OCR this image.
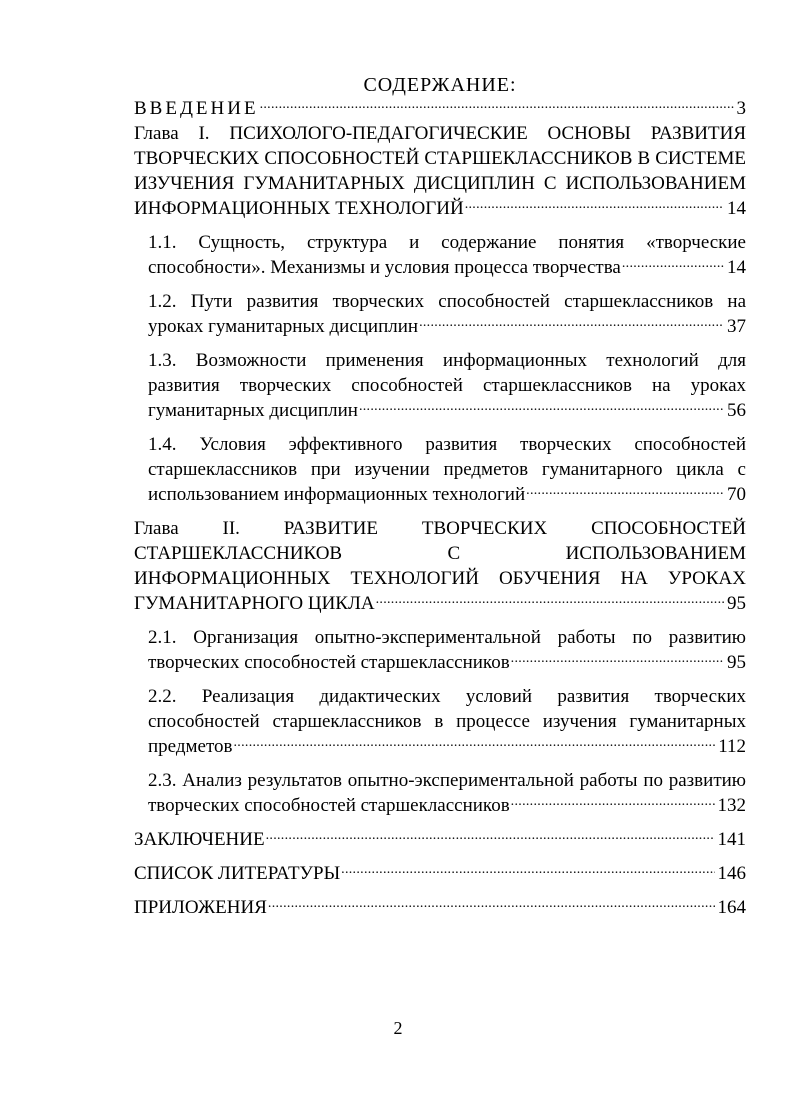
СОДЕРЖАНИЕ:
ВВЕДЕНИЕ .....	3
Глава I. ПСИХОЛОГО-ПЕДАГОГИЧЕСКИЕ ОСНОВЫ РАЗВИТИЯ
ТВОРЧЕСКИХ СПОСОБНОСТЕЙ СТАРШЕКЛАССНИКОВ В СИСТЕМЕ
ИЗУЧЕНИЯ ГУМАНИТАРНЫХ ДИСЦИПЛИН С ИСПОЛЬЗОВАНИЕМ
ИНФОРМАЦИОННЫХ ТЕХНОЛОГИЙ .....	14
1.1. Сущность, структура и содержание понятия «творческие
способности». Механизмы и условия процесса творчества .....	14
1.2. Пути развития творческих способностей старшеклассников на
уроках гуманитарных дисциплин .....	37
1.3. Возможности применения информационных технологий для
развития творческих способностей старшеклассников на уроках
гуманитарных дисциплин .....	56
1.4. Условия эффективного развития творческих способностей
старшеклассников при изучении предметов гуманитарного цикла с
использованием информационных технологий .....	70
Глава II. РАЗВИТИЕ ТВОРЧЕСКИХ СПОСОБНОСТЕЙ
СТАРШЕКЛАССНИКОВ С ИСПОЛЬЗОВАНИЕМ
ИНФОРМАЦИОННЫХ ТЕХНОЛОГИЙ ОБУЧЕНИЯ НА УРОКАХ
ГУМАНИТАРНОГО ЦИКЛА .....	95
2.1. Организация опытно-экспериментальной работы по развитию
творческих способностей старшеклассников .....	95
2.2. Реализация дидактических условий развития творческих
способностей старшеклассников в процессе изучения гуманитарных
предметов .....	112
2.3. Анализ результатов опытно-экспериментальной работы по развитию
творческих способностей старшеклассников .....	132
ЗАКЛЮЧЕНИЕ .....	141
СПИСОК ЛИТЕРАТУРЫ .....	146
ПРИЛОЖЕНИЯ .....	164
2
